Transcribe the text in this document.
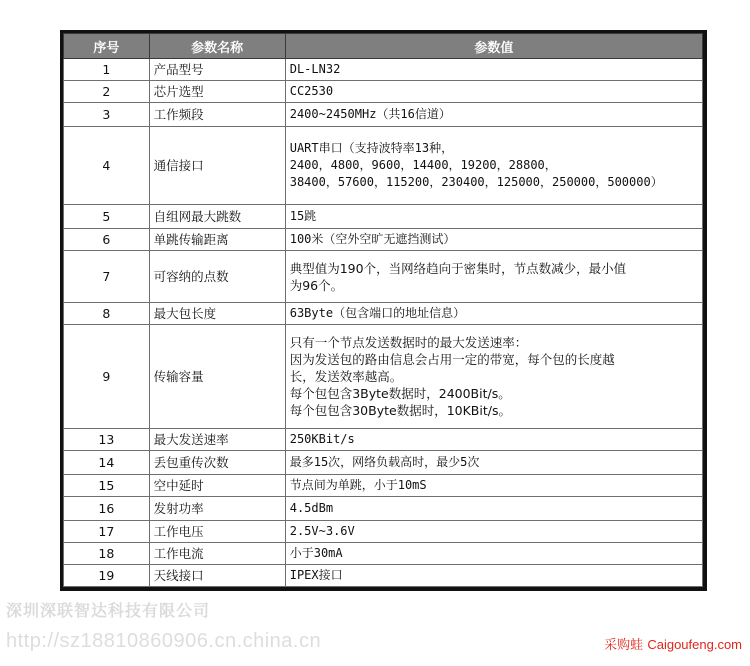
序号	参数名称	参数值
1	产品型号	DL-LN32

2	芯片选型	CC2530

3	工作频段	2400~2450MHz（共16信道）

4	通信接口	UART串口（支持波特率13种，
2400，4800，9600，14400，19200，28800，
38400，57600，115200，230400，125000，250000，500000）

5	自组网最大跳数	15跳

6	单跳传输距离	100米（空外空旷无遮挡测试）

7	可容纳的点数	典型值为190个，当网络趋向于密集时，节点数减少，最小值
为96个。

8	最大包长度	63Byte（包含端口的地址信息）

9	传输容量	只有一个节点发送数据时的最大发送速率：
因为发送包的路由信息会占用一定的带宽，每个包的长度越
长，发送效率越高。
每个包包含3Byte数据时，2400Bit/s。
每个包包含30Byte数据时，10KBit/s。

13	最大发送速率	250KBit/s

14	丢包重传次数	最多15次，网络负载高时，最少5次

15	空中延时	节点间为单跳，小于10mS

16	发射功率	4.5dBm

17	工作电压	2.5V~3.6V

18	工作电流	小于30mA

19	天线接口	IPEX接口
深圳深联智达科技有限公司
http://sz18810860906.cn.china.cn	采购蛙 Caigoufeng.com
